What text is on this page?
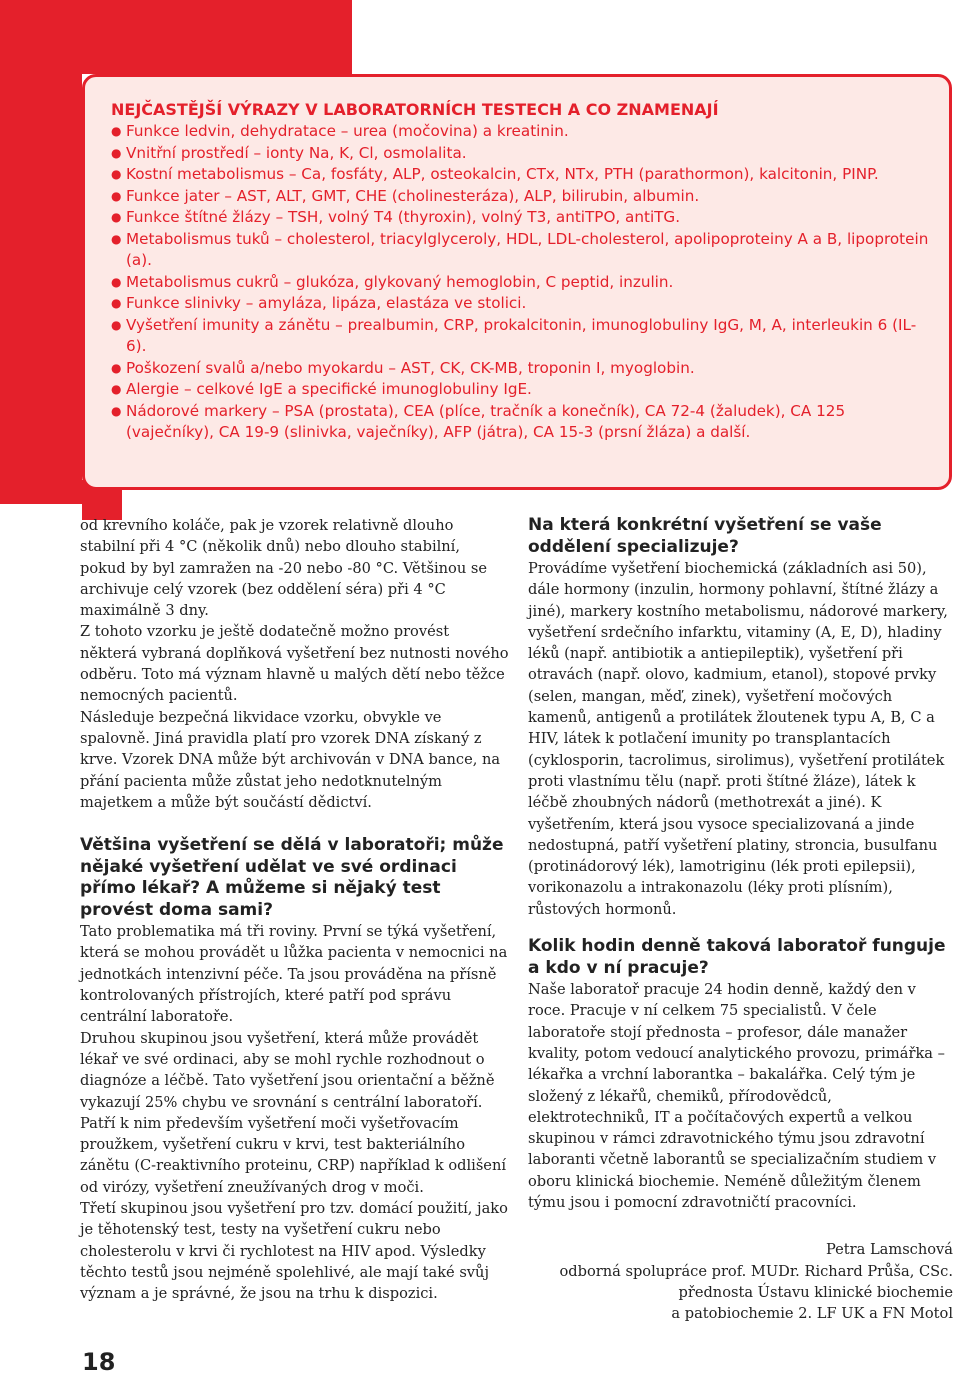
NEJČASTĚJŠÍ VÝRAZY V LABORATORNÍCH TESTECH A CO ZNAMENAJÍ
● Funkce ledvin, dehydratace – urea (močovina) a kreatinin.
● Vnitřní prostředí – ionty Na, K, Cl, osmolalita.
● Kostní metabolismus – Ca, fosfáty, ALP, osteokalcin, CTx, NTx, PTH (parathormon), kalcitonin, PINP.
● Funkce jater – AST, ALT, GMT, CHE (cholinesteráza), ALP, bilirubin, albumin.
● Funkce štítné žlázy – TSH, volný T4 (thyroxin), volný T3, antiTPO, antiTG.
● Metabolismus tuků – cholesterol, triacylglyceroly, HDL, LDL-cholesterol, apolipoproteiny A a B, lipoprotein (a).
● Metabolismus cukrů – glukóza, glykovaný hemoglobin, C peptid, inzulin.
● Funkce slinivky – amyláza, lipáza, elastáza ve stolici.
● Vyšetření imunity a zánětu – prealbumin, CRP, prokalcitonin, imunoglobuliny IgG, M, A, interleukin 6 (IL-6).
● Poškození svalů a/nebo myokardu – AST, CK, CK-MB, troponin I, myoglobin.
● Alergie – celkové IgE a specifické imunoglobuliny IgE.
● Nádorové markery – PSA (prostata), CEA (plíce, tračník a konečník), CA 72-4 (žaludek), CA 125 (vaječníky), CA 19-9 (slinivka, vaječníky), AFP (játra), CA 15-3 (prsní žláza) a další.

od krevního koláče, pak je vzorek relativně dlouho stabilní při 4 °C (několik dnů) nebo dlouho stabilní, pokud by byl zamražen na -20 nebo -80 °C. Většinou se archivuje celý vzorek (bez oddělení séra) při 4 °C maximálně 3 dny.

Z tohoto vzorku je ještě dodatečně možno provést některá vybraná doplňková vyšetření bez nutnosti nového odběru. Toto má význam hlavně u malých dětí nebo těžce nemocných pacientů.

Následuje bezpečná likvidace vzorku, obvykle ve spalovně. Jiná pravidla platí pro vzorek DNA získaný z krve. Vzorek DNA může být archivován v DNA bance, na přání pacienta může zůstat jeho nedotknutelným majetkem a může být součástí dědictví.

Většina vyšetření se dělá v laboratoři; může nějaké vyšetření udělat ve své ordinaci přímo lékař? A můžeme si nějaký test provést doma sami?

Tato problematika má tři roviny. První se týká vyšetření, která se mohou provádět u lůžka pacienta v nemocnici na jednotkách intenzivní péče. Ta jsou prováděna na přísně kontrolovaných přístrojích, které patří pod správu centrální laboratoře.

Druhou skupinou jsou vyšetření, která může provádět lékař ve své ordinaci, aby se mohl rychle rozhodnout o diagnóze a léčbě. Tato vyšetření jsou orientační a běžně vykazují 25% chybu ve srovnání s centrální laboratoří. Patří k nim především vyšetření moči vyšetřovacím proužkem, vyšetření cukru v krvi, test bakteriálního zánětu (C-reaktivního proteinu, CRP) například k odlišení od virózy, vyšetření zneužívaných drog v moči.

Třetí skupinou jsou vyšetření pro tzv. domácí použití, jako je těhotenský test, testy na vyšetření cukru nebo cholesterolu v krvi či rychlotest na HIV apod. Výsledky těchto testů jsou nejméně spolehlivé, ale mají také svůj význam a je správné, že jsou na trhu k dispozici.

Na která konkrétní vyšetření se vaše oddělení specializuje?

Provádíme vyšetření biochemická (základních asi 50), dále hormony (inzulin, hormony pohlavní, štítné žlázy a jiné), markery kostního metabolismu, nádorové markery, vyšetření srdečního infarktu, vitaminy (A, E, D), hladiny léků (např. antibiotik a antiepileptik), vyšetření při otravách (např. olovo, kadmium, etanol), stopové prvky (selen, mangan, měď, zinek), vyšetření močových kamenů, antigenů a protilátek žloutenek typu A, B, C a HIV, látek k potlačení imunity po transplantacích (cyklosporin, tacrolimus, sirolimus), vyšetření protilátek proti vlastnímu tělu (např. proti štítné žláze), látek k léčbě zhoubných nádorů (methotrexát a jiné). K vyšetřením, která jsou vysoce specializovaná a jinde nedostupná, patří vyšetření platiny, stroncia, busulfanu (protinádorový lék), lamotriginu (lék proti epilepsii), vorikonazolu a intrakonazolu (léky proti plísním), růstových hormonů.

Kolik hodin denně taková laboratoř funguje a kdo v ní pracuje?

Naše laboratoř pracuje 24 hodin denně, každý den v roce. Pracuje v ní celkem 75 specialistů. V čele laboratoře stojí přednosta – profesor, dále manažer kvality, potom vedoucí analytického provozu, primářka – lékařka a vrchní laborantka – bakalářka. Celý tým je složený z lékařů, chemiků, přírodovědců, elektrotechniků, IT a počítačových expertů a velkou skupinou v rámci zdravotnického týmu jsou zdravotní laboranti včetně laborantů se specializačním studiem v oboru klinická biochemie. Neméně důležitým členem týmu jsou i pomocní zdravotničtí pracovníci.

Petra Lamschová
odborná spolupráce prof. MUDr. Richard Průša, CSc.
přednosta Ústavu klinické biochemie
a patobiochemie 2. LF UK a FN Motol
18
